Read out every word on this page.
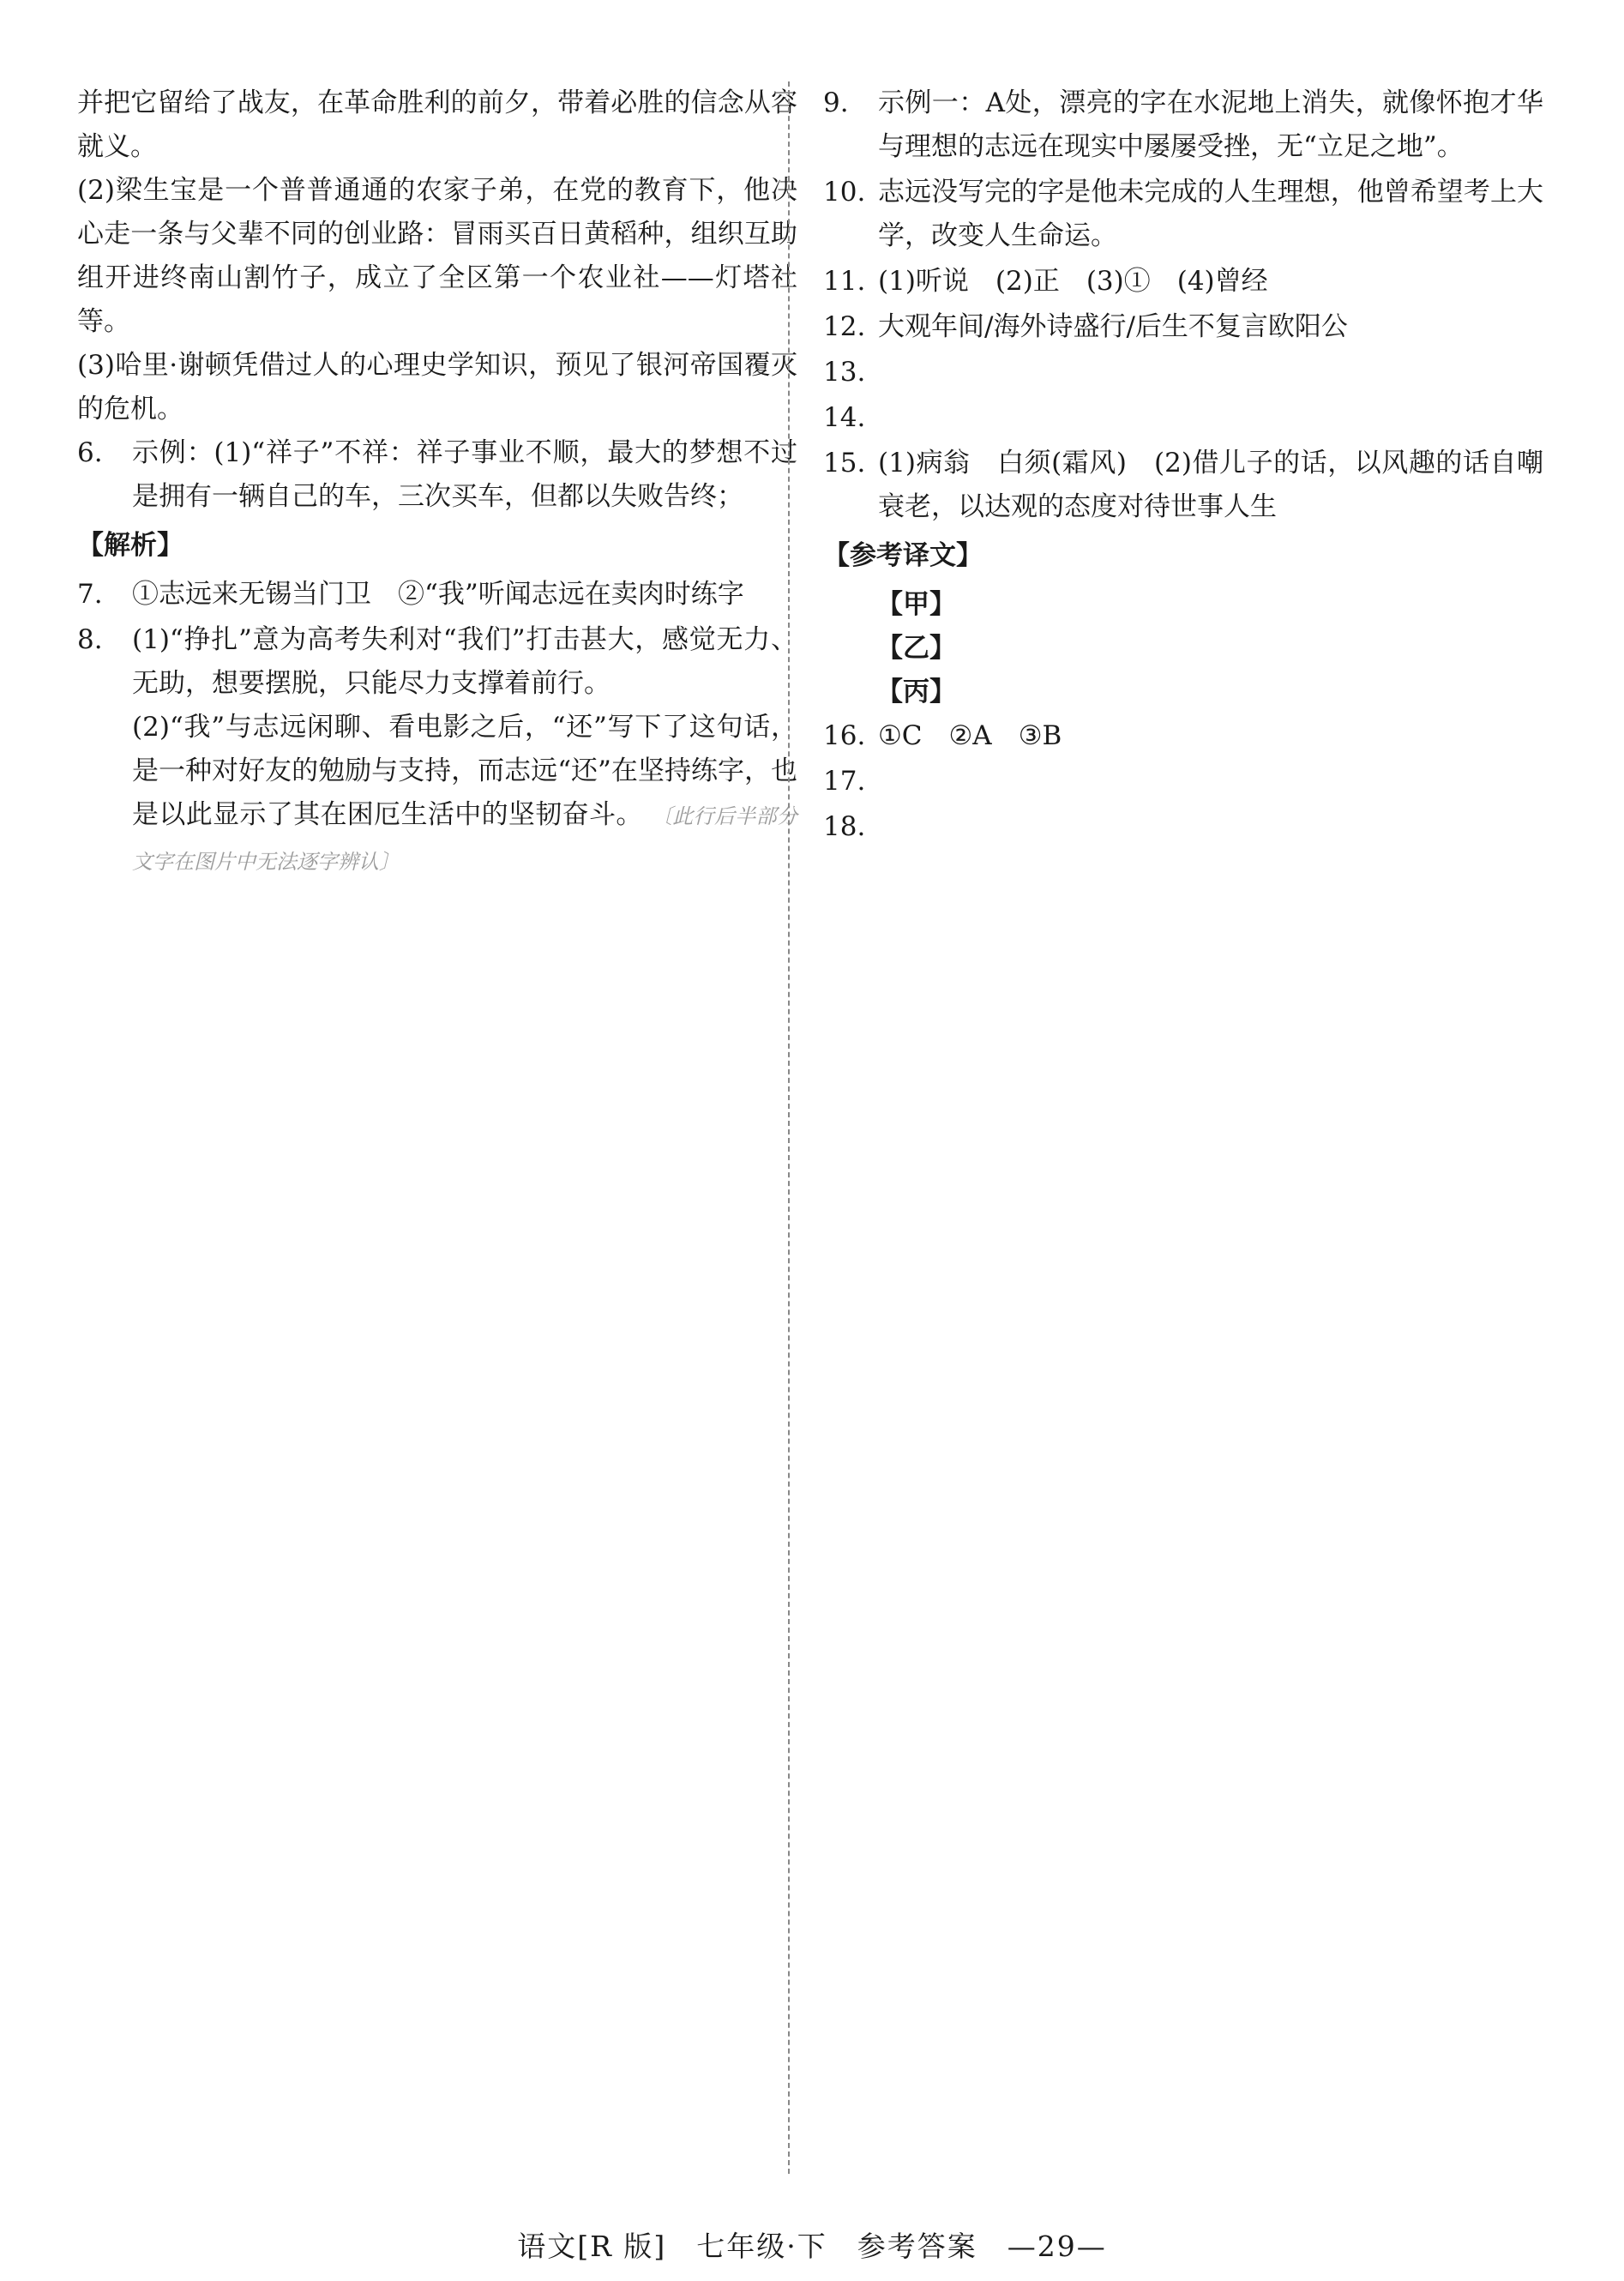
并把它留给了战友，在革命胜利的前夕，带着必胜的信念从容就义。

(2)梁生宝是一个普普通通的农家子弟，在党的教育下，他决心走一条与父辈不同的创业路：冒雨买百日黄稻种，组织互助组开进终南山割竹子，成立了全区第一个农业社——灯塔社等。

(3)哈里·谢顿凭借过人的心理史学知识，预见了银河帝国覆灭的危机。

6.	示例：(1)“祥子”不祥：祥子事业不顺，最大的梦想不过是拥有一辆自己的车，三次买车，但都以失败告终；
【解析】
7.	①志远来无锡当门卫　②“我”听闻志远在卖肉时练字
8.	(1)“挣扎”意为高考失利对“我们”打击甚大，感觉无力、无助，想要摆脱，只能尽力支撑着前行。
(2)“我”与志远闲聊、看电影之后，“还”写下了这句话，是一种对好友的勉励与支持，而志远“还”在坚持练字，也是以此显示了其在困厄生活中的坚韧奋斗。 〔此行后半部分文字在图片中无法逐字辨认〕
9.	示例一：A处，漂亮的字在水泥地上消失，就像怀抱才华与理想的志远在现实中屡屡受挫，无“立足之地”。
10. 志远没写完的字是他未完成的人生理想，他曾希望考上大学，改变人生命运。
11. (1)听说　(2)正　(3)①　(4)曾经
12. 大观年间/海外诗盛行/后生不复言欧阳公
13.
14.
15. (1)病翁　白须(霜风)　(2)借儿子的话，以风趣的话自嘲衰老，以达观的态度对待世事人生
【参考译文】

【甲】

【乙】

【丙】

16. ①C　②A　③B
17.
18.
语文[R 版]　七年级·下　参考答案　—29—
